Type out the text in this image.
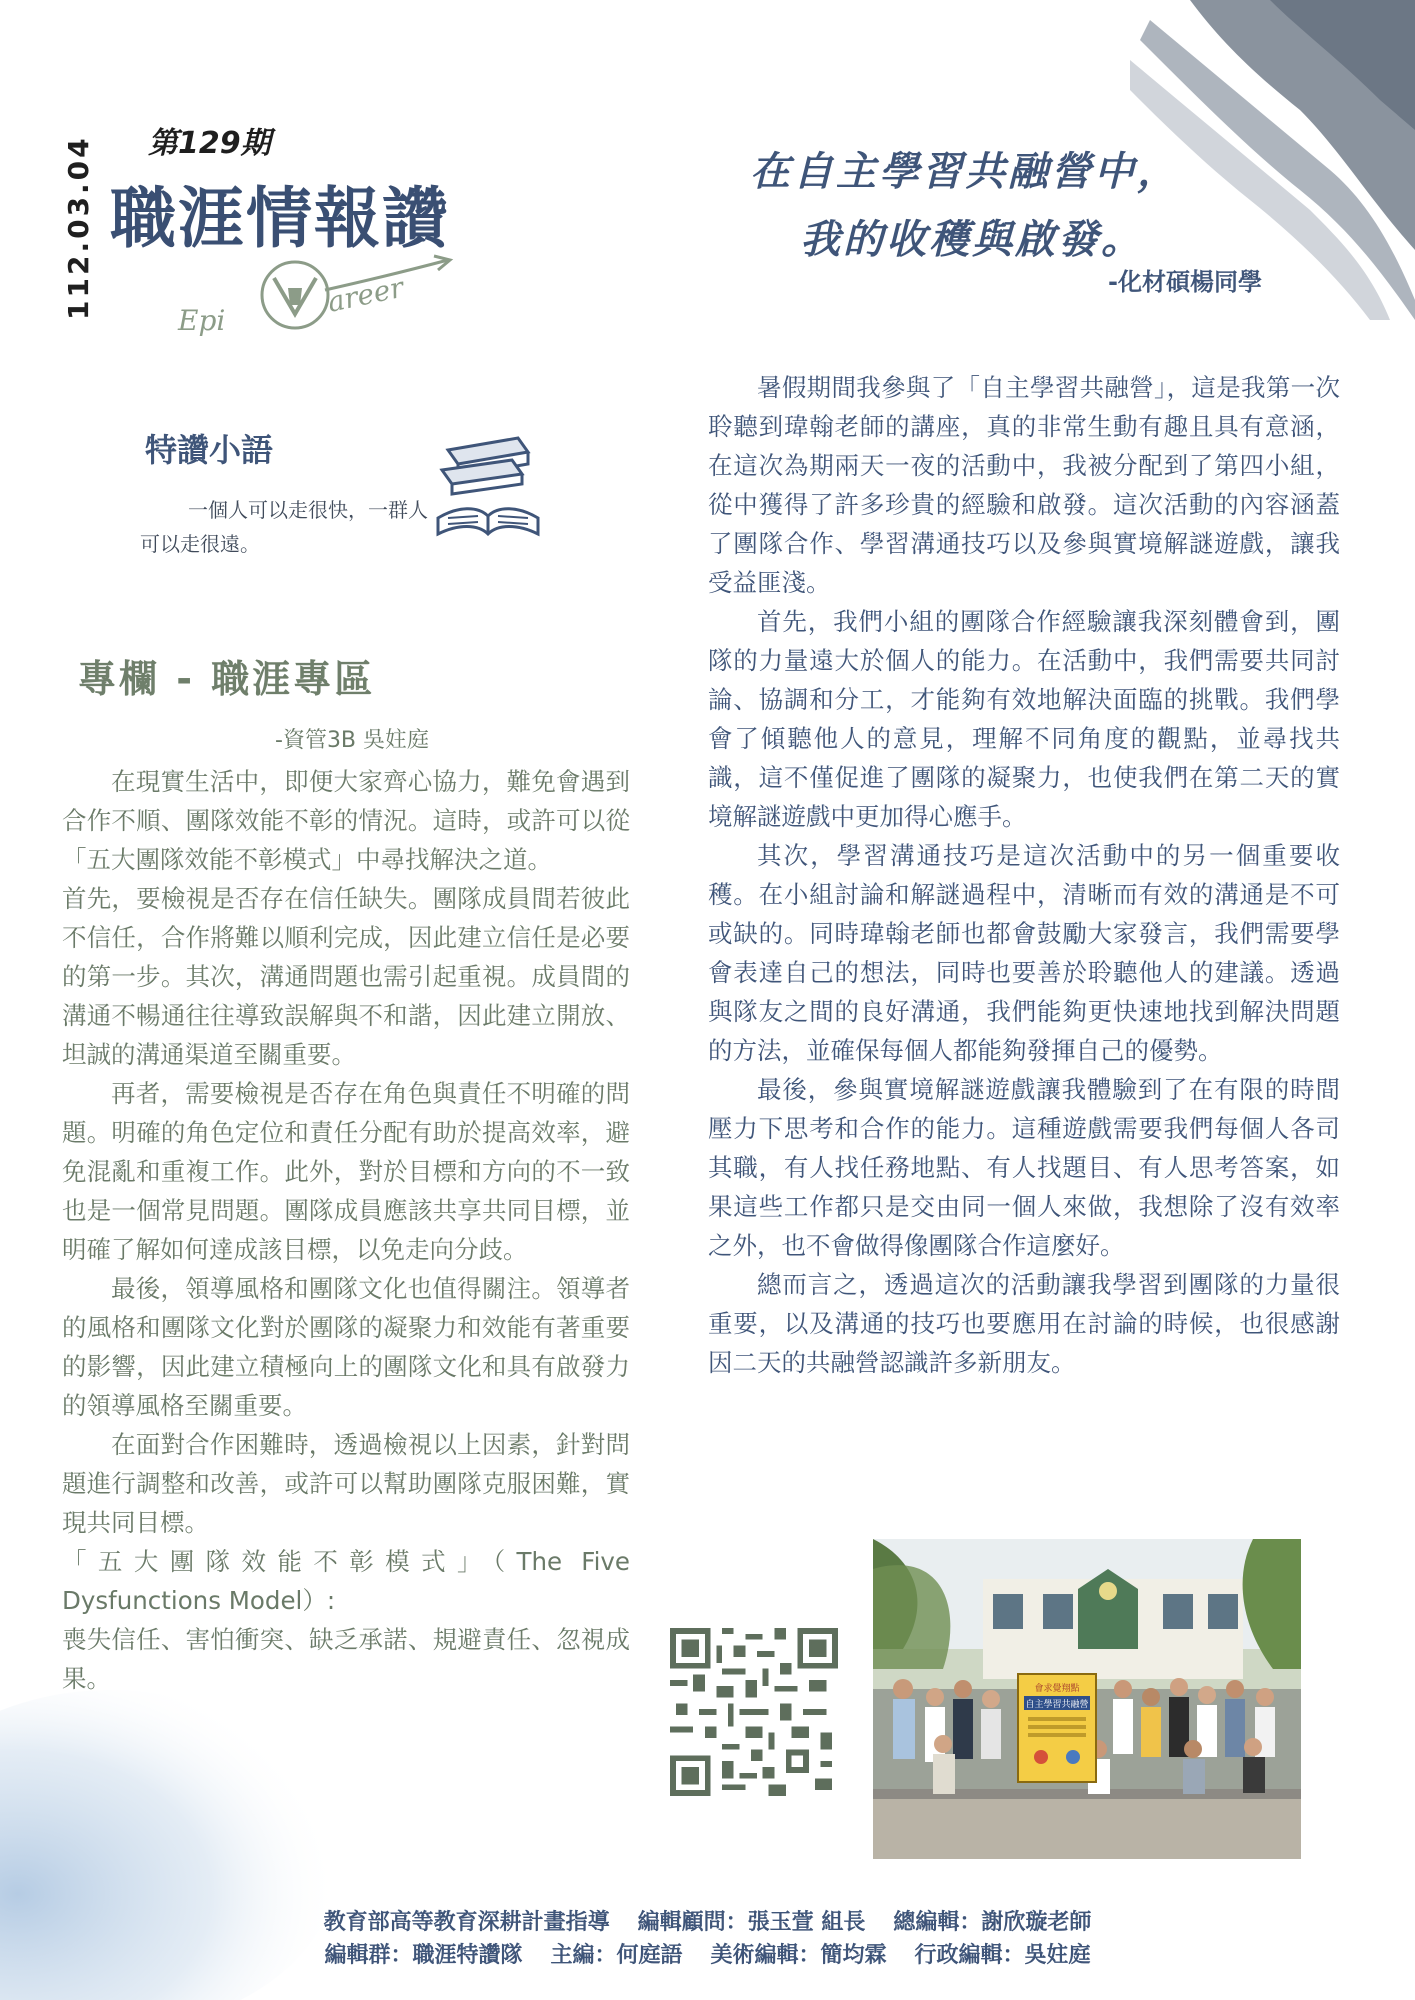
112.03.04 第129期
職涯情報讚
Epi
areer
特讚小語
一個人可以走很快，一群人可以走很遠。
專欄 - 職涯專區
-資管3B 吳妵庭

在現實生活中，即便大家齊心協力，難免會遇到合作不順、團隊效能不彰的情況。這時，或許可以從「五大團隊效能不彰模式」中尋找解決之道。

首先，要檢視是否存在信任缺失。團隊成員間若彼此不信任，合作將難以順利完成，因此建立信任是必要的第一步。其次，溝通問題也需引起重視。成員間的溝通不暢通往往導致誤解與不和諧，因此建立開放、坦誠的溝通渠道至關重要。

再者，需要檢視是否存在角色與責任不明確的問題。明確的角色定位和責任分配有助於提高效率，避免混亂和重複工作。此外，對於目標和方向的不一致也是一個常見問題。團隊成員應該共享共同目標，並明確了解如何達成該目標，以免走向分歧。

最後，領導風格和團隊文化也值得關注。領導者的風格和團隊文化對於團隊的凝聚力和效能有著重要的影響，因此建立積極向上的團隊文化和具有啟發力的領導風格至關重要。

在面對合作困難時，透過檢視以上因素，針對問題進行調整和改善，或許可以幫助團隊克服困難，實現共同目標。

「五大團隊效能不彰模式」（The Five Dysfunctions Model）:

喪失信任、害怕衝突、缺乏承諾、規避責任、忽視成果。

在自主學習共融營中，
我的收穫與啟發。
-化材碩楊同學

暑假期間我參與了「自主學習共融營」，這是我第一次聆聽到瑋翰老師的講座，真的非常生動有趣且具有意涵，在這次為期兩天一夜的活動中，我被分配到了第四小組，從中獲得了許多珍貴的經驗和啟發。這次活動的內容涵蓋了團隊合作、學習溝通技巧以及參與實境解謎遊戲，讓我受益匪淺。

首先，我們小組的團隊合作經驗讓我深刻體會到，團隊的力量遠大於個人的能力。在活動中，我們需要共同討論、協調和分工，才能夠有效地解決面臨的挑戰。我們學會了傾聽他人的意見，理解不同角度的觀點，並尋找共識，這不僅促進了團隊的凝聚力，也使我們在第二天的實境解謎遊戲中更加得心應手。

其次，學習溝通技巧是這次活動中的另一個重要收穫。在小組討論和解謎過程中，清晰而有效的溝通是不可或缺的。同時瑋翰老師也都會鼓勵大家發言，我們需要學會表達自己的想法，同時也要善於聆聽他人的建議。透過與隊友之間的良好溝通，我們能夠更快速地找到解決問題的方法，並確保每個人都能夠發揮自己的優勢。

最後，參與實境解謎遊戲讓我體驗到了在有限的時間壓力下思考和合作的能力。這種遊戲需要我們每個人各司其職，有人找任務地點、有人找題目、有人思考答案，如果這些工作都只是交由同一個人來做，我想除了沒有效率之外，也不會做得像團隊合作這麼好。

總而言之，透過這次的活動讓我學習到團隊的力量很重要，以及溝通的技巧也要應用在討論的時候，也很感謝因二天的共融營認識許多新朋友。

會求覺翔點
自主學習共融營
教育部高等教育深耕計畫指導 編輯顧問：張玉萱 組長 總編輯：謝欣璇老師
編輯群：職涯特讚隊 主編：何庭語 美術編輯：簡均霖 行政編輯：吳妵庭
